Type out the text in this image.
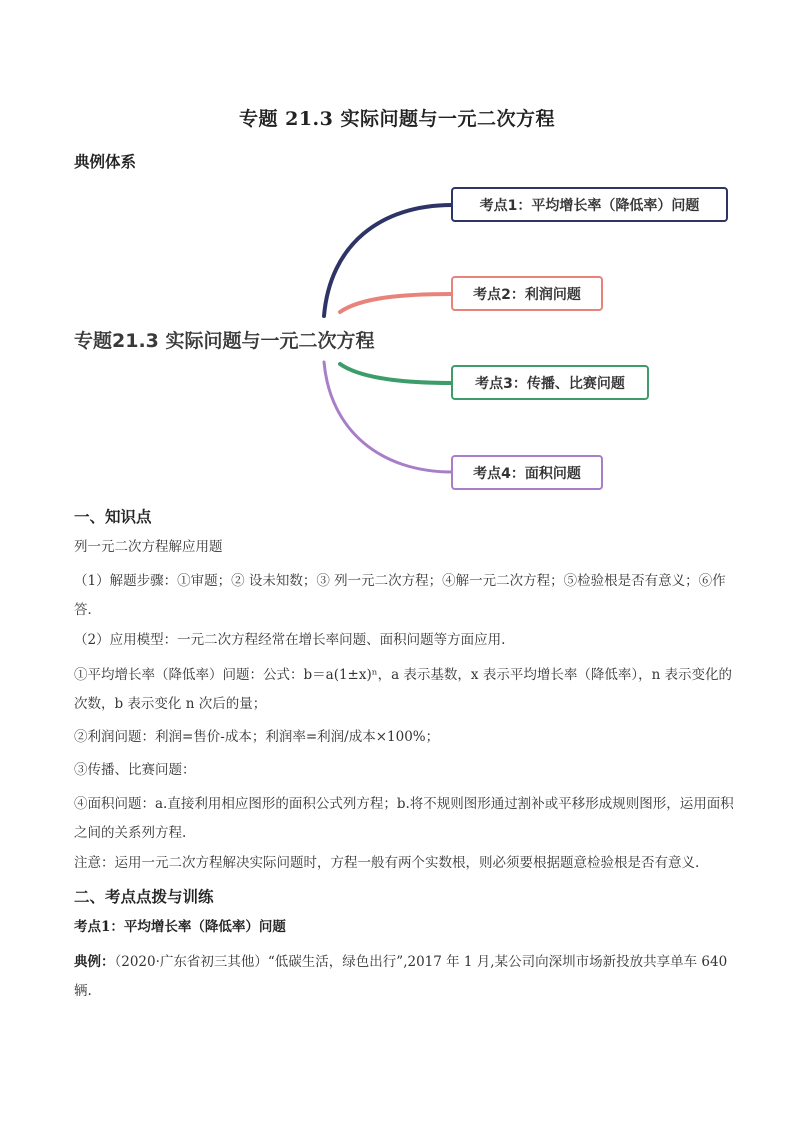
专题 21.3 实际问题与一元二次方程
典例体系
专题21.3 实际问题与一元二次方程
考点1：平均增长率（降低率）问题
考点2：利润问题
考点3：传播、比赛问题
考点4：面积问题
一、知识点
列一元二次方程解应用题
（1）解题步骤：①审题；② 设未知数；③ 列一元二次方程；④解一元二次方程；⑤检验根是否有意义；⑥作答．
（2）应用模型：一元二次方程经常在增长率问题、面积问题等方面应用.
①平均增长率（降低率）问题：公式：b＝a(1±x)ⁿ，a 表示基数，x 表示平均增长率（降低率），n 表示变化的次数，b 表示变化 n 次后的量；
②利润问题：利润=售价-成本；利润率=利润/成本×100%；
③传播、比赛问题：
④面积问题：a.直接利用相应图形的面积公式列方程；b.将不规则图形通过割补或平移形成规则图形，运用面积之间的关系列方程.
注意：运用一元二次方程解决实际问题时，方程一般有两个实数根，则必须要根据题意检验根是否有意义.
二、考点点拨与训练
考点1：平均增长率（降低率）问题
典例：（2020·广东省初三其他）“低碳生活，绿色出行”,2017 年 1 月,某公司向深圳市场新投放共享单车 640 辆.
